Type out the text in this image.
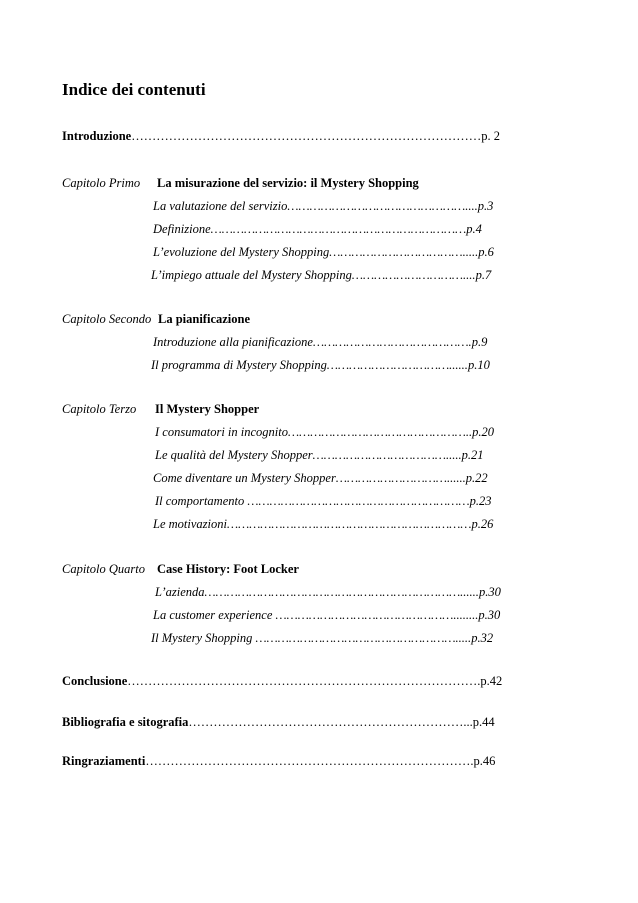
Indice dei contenuti
Introduzione…………………………………………………………………………p. 2
Capitolo Primo La misurazione del servizio: il Mystery Shopping
La valutazione del servizio…………………………………………....p.3
Definizione……………………………………………………………p.4
L’evoluzione del Mystery Shopping……………………………….....p.6
L’impiego attuale del Mystery Shopping…………………………....p.7
Capitolo Secondo La pianificazione
Introduzione alla pianificazione…………………………………….p.9
Il programma di Mystery Shopping……………………………......p.10
Capitolo Terzo Il Mystery Shopper
I consumatori in incognito…………………………………………..p.20
Le qualità del Mystery Shopper……………………………….....p.21
Come diventare un Mystery Shopper…………………………......p.22
Il comportamento ……………………………………………………p.23
Le motivazioni…………………………………………………………p.26
Capitolo Quarto Case History: Foot Locker
L’azienda……………………………………………………………......p.30
La customer experience …………………………………………........p.30
Il Mystery Shopping ……………………………………………….....p.32
Conclusione………………………………………………………………………….p.42
Bibliografia e sitografia…………………………………………………………...p.44
Ringraziamenti…………………………………………………………………….p.46
